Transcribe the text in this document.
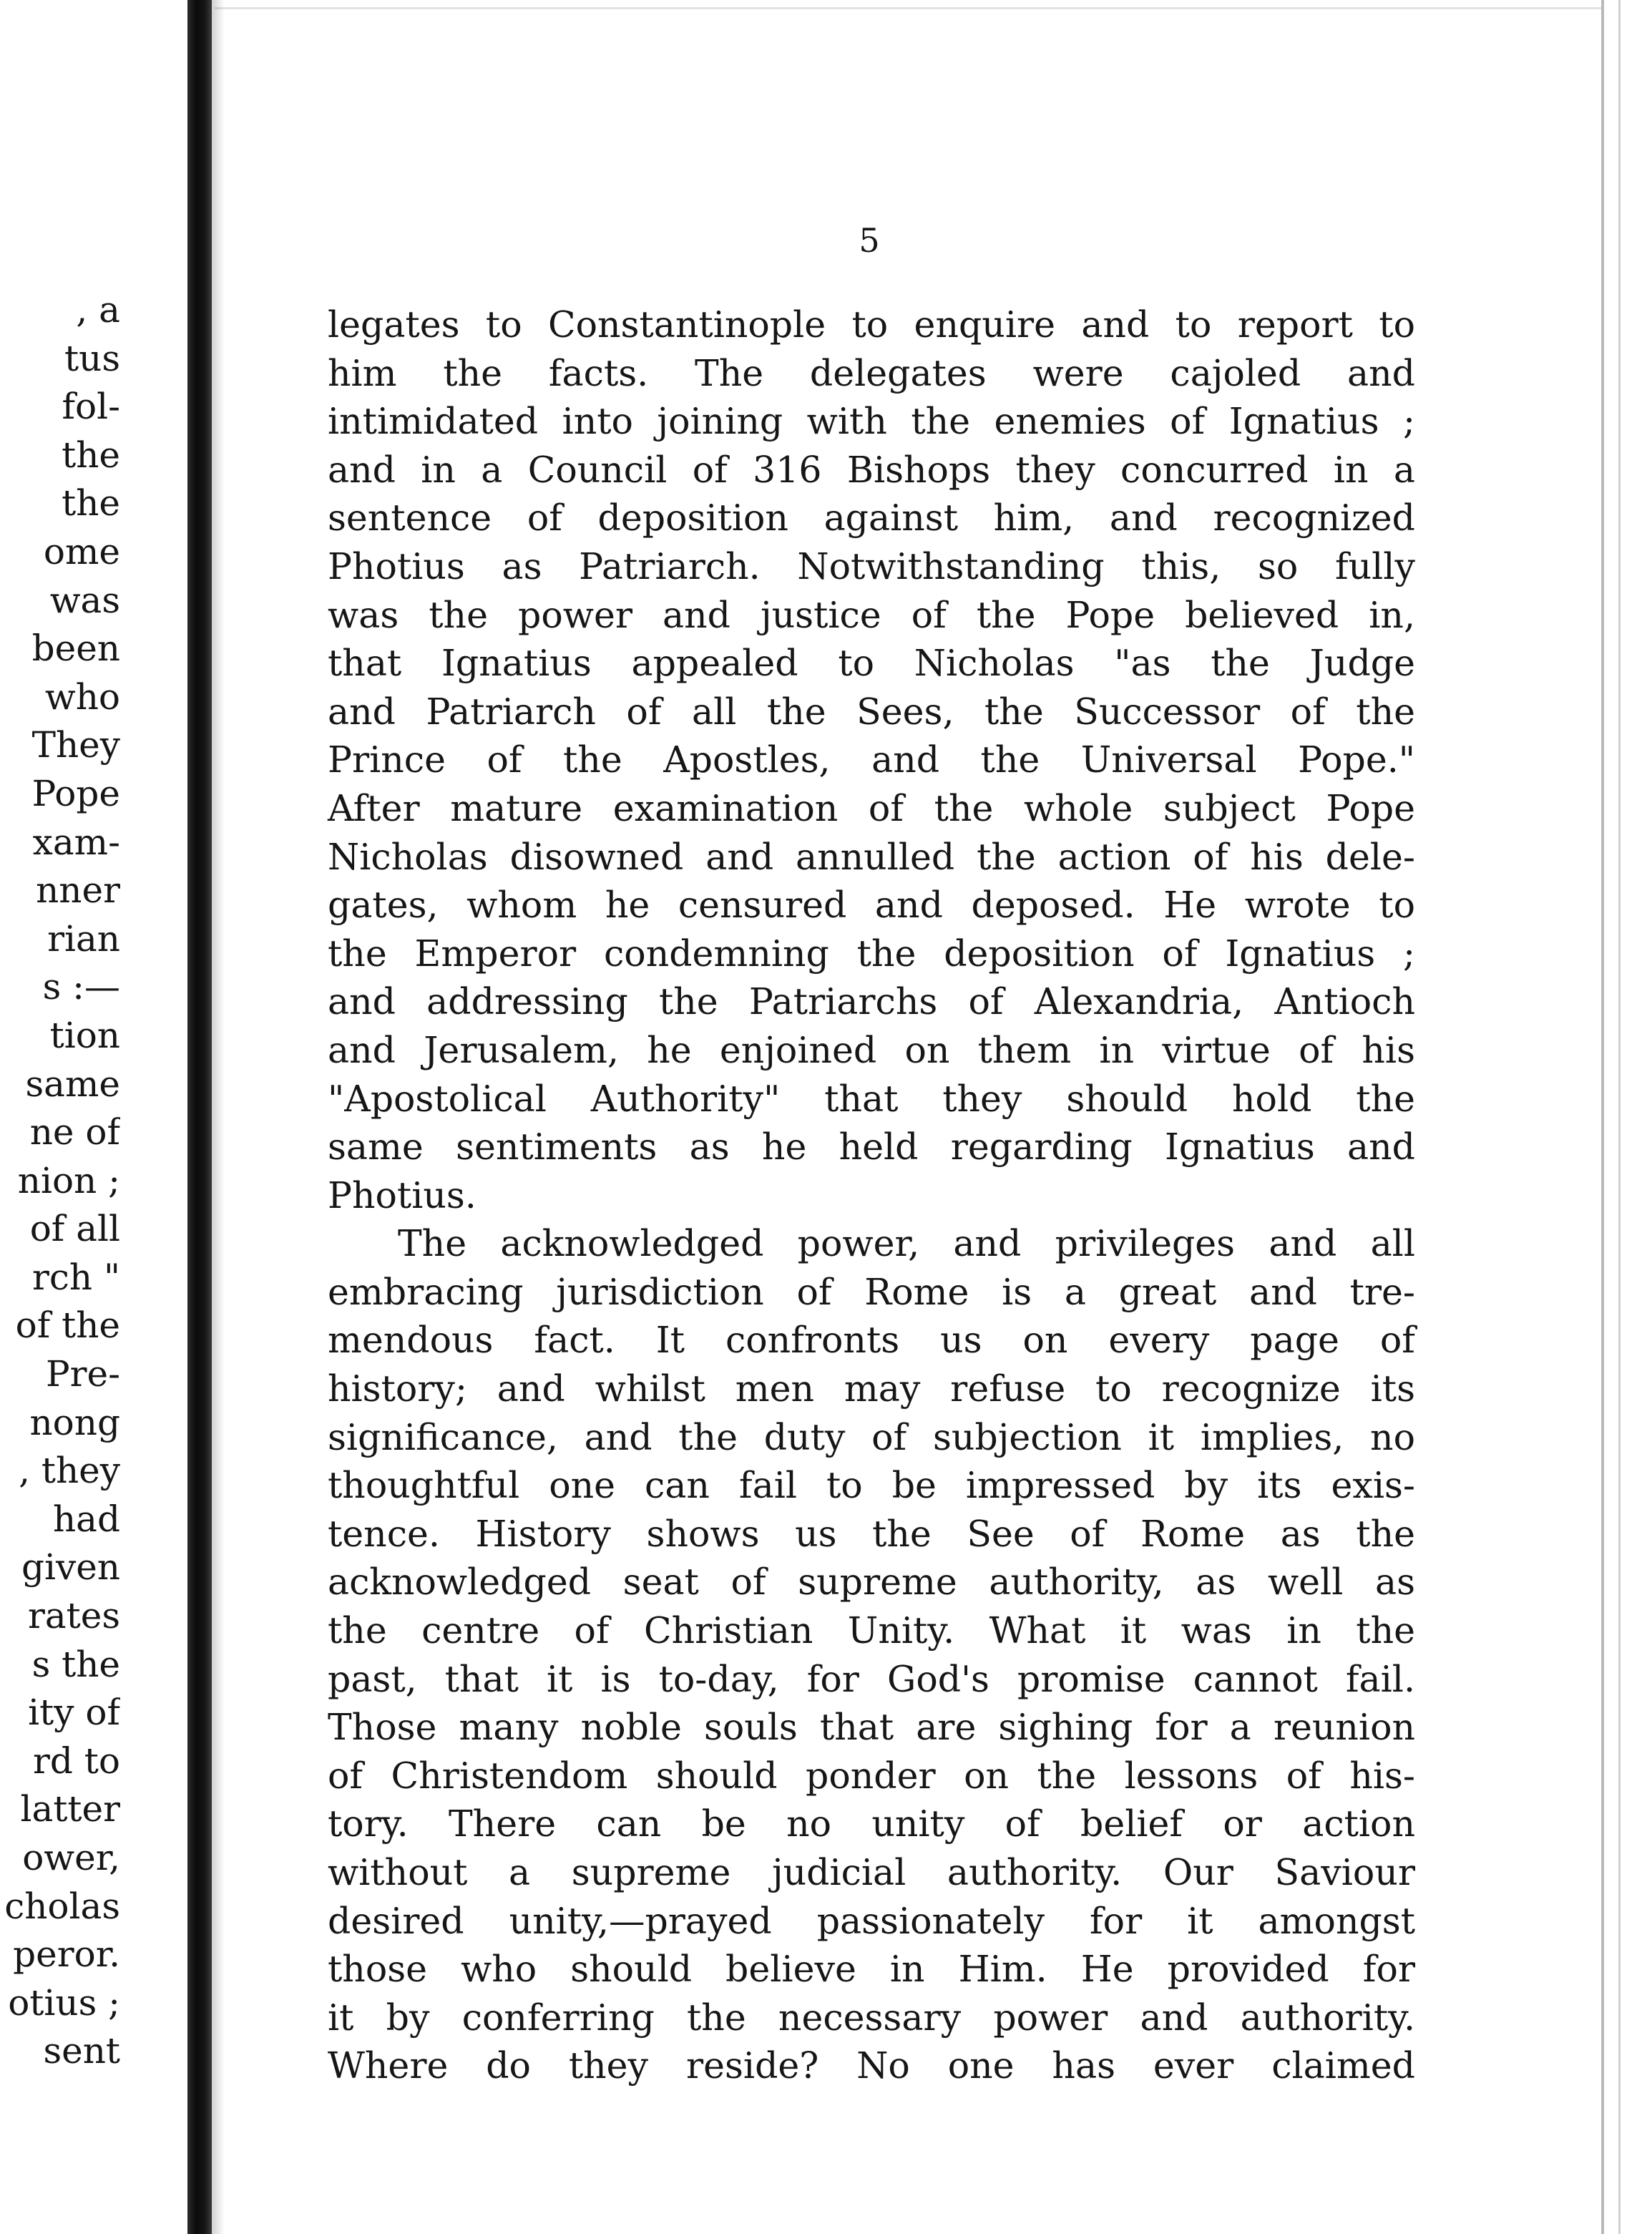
, a
tus
fol-
the
the
ome
was
been
who
They
Pope
xam-
nner
rian
s :—
tion
same
ne of
nion ;
of all
rch "
of the
Pre-
nong
, they
had
given
rates
s the
ity of
rd to
latter
ower,
cholas
peror.
otius ;
sent
5
legates to Constantinople to enquire and to report to
him the facts. The delegates were cajoled and
intimidated into joining with the enemies of Ignatius ;
and in a Council of 316 Bishops they concurred in a
sentence of deposition against him, and recognized
Photius as Patriarch. Notwithstanding this, so fully
was the power and justice of the Pope believed in,
that Ignatius appealed to Nicholas "as the Judge
and Patriarch of all the Sees, the Successor of the
Prince of the Apostles, and the Universal Pope."
After mature examination of the whole subject Pope
Nicholas disowned and annulled the action of his dele-
gates, whom he censured and deposed. He wrote to
the Emperor condemning the deposition of Ignatius ;
and addressing the Patriarchs of Alexandria, Antioch
and Jerusalem, he enjoined on them in virtue of his
"Apostolical Authority" that they should hold the
same sentiments as he held regarding Ignatius and
Photius.
The acknowledged power, and privileges and all
embracing jurisdiction of Rome is a great and tre-
mendous fact. It confronts us on every page of
history; and whilst men may refuse to recognize its
significance, and the duty of subjection it implies, no
thoughtful one can fail to be impressed by its exis-
tence. History shows us the See of Rome as the
acknowledged seat of supreme authority, as well as
the centre of Christian Unity. What it was in the
past, that it is to-day, for God's promise cannot fail.
Those many noble souls that are sighing for a reunion
of Christendom should ponder on the lessons of his-
tory. There can be no unity of belief or action
without a supreme judicial authority. Our Saviour
desired unity,—prayed passionately for it amongst
those who should believe in Him. He provided for
it by conferring the necessary power and authority.
Where do they reside? No one has ever claimed
